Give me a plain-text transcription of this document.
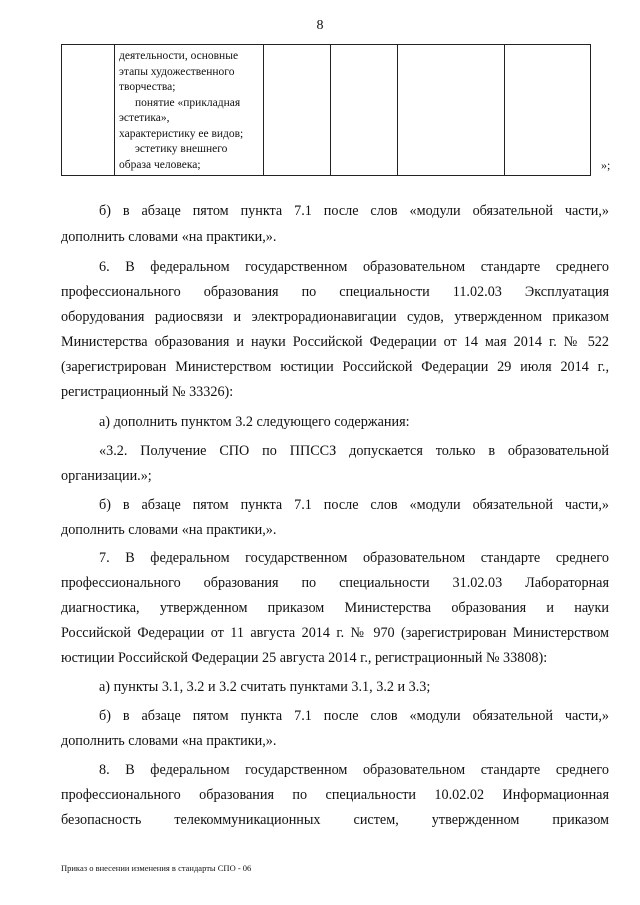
8

деятельности, основные
этапы художественного
творчества;
понятие «прикладная
эстетика»,
характеристику ее видов;
эстетику внешнего
образа человека;
					»;
б) в абзаце пятом пункта 7.1 после слов «модули обязательной части,»
дополнить словами «на практики,».
6. В федеральном государственном образовательном стандарте среднего
профессионального образования по специальности 11.02.03 Эксплуатация
оборудования радиосвязи и электрорадионавигации судов, утвержденном приказом
Министерства образования и науки Российской Федерации от 14 мая 2014 г. № 522
(зарегистрирован Министерством юстиции Российской Федерации 29 июля 2014 г.,
регистрационный № 33326):
а) дополнить пунктом 3.2 следующего содержания:
«3.2. Получение СПО по ППССЗ допускается только в образовательной
организации.»;
б) в абзаце пятом пункта 7.1 после слов «модули обязательной части,»
дополнить словами «на практики,».
7. В федеральном государственном образовательном стандарте среднего
профессионального образования по специальности 31.02.03 Лабораторная
диагностика, утвержденном приказом Министерства образования и науки
Российской Федерации от 11 августа 2014 г. № 970 (зарегистрирован Министерством
юстиции Российской Федерации 25 августа 2014 г., регистрационный № 33808):
а) пункты 3.1, 3.2 и 3.2 считать пунктами 3.1, 3.2 и 3.3;
б) в абзаце пятом пункта 7.1 после слов «модули обязательной части,»
дополнить словами «на практики,».
8. В федеральном государственном образовательном стандарте среднего
профессионального образования по специальности 10.02.02 Информационная
безопасность телекоммуникационных систем, утвержденном приказом
Приказ о внесении изменения в стандарты СПО - 06
